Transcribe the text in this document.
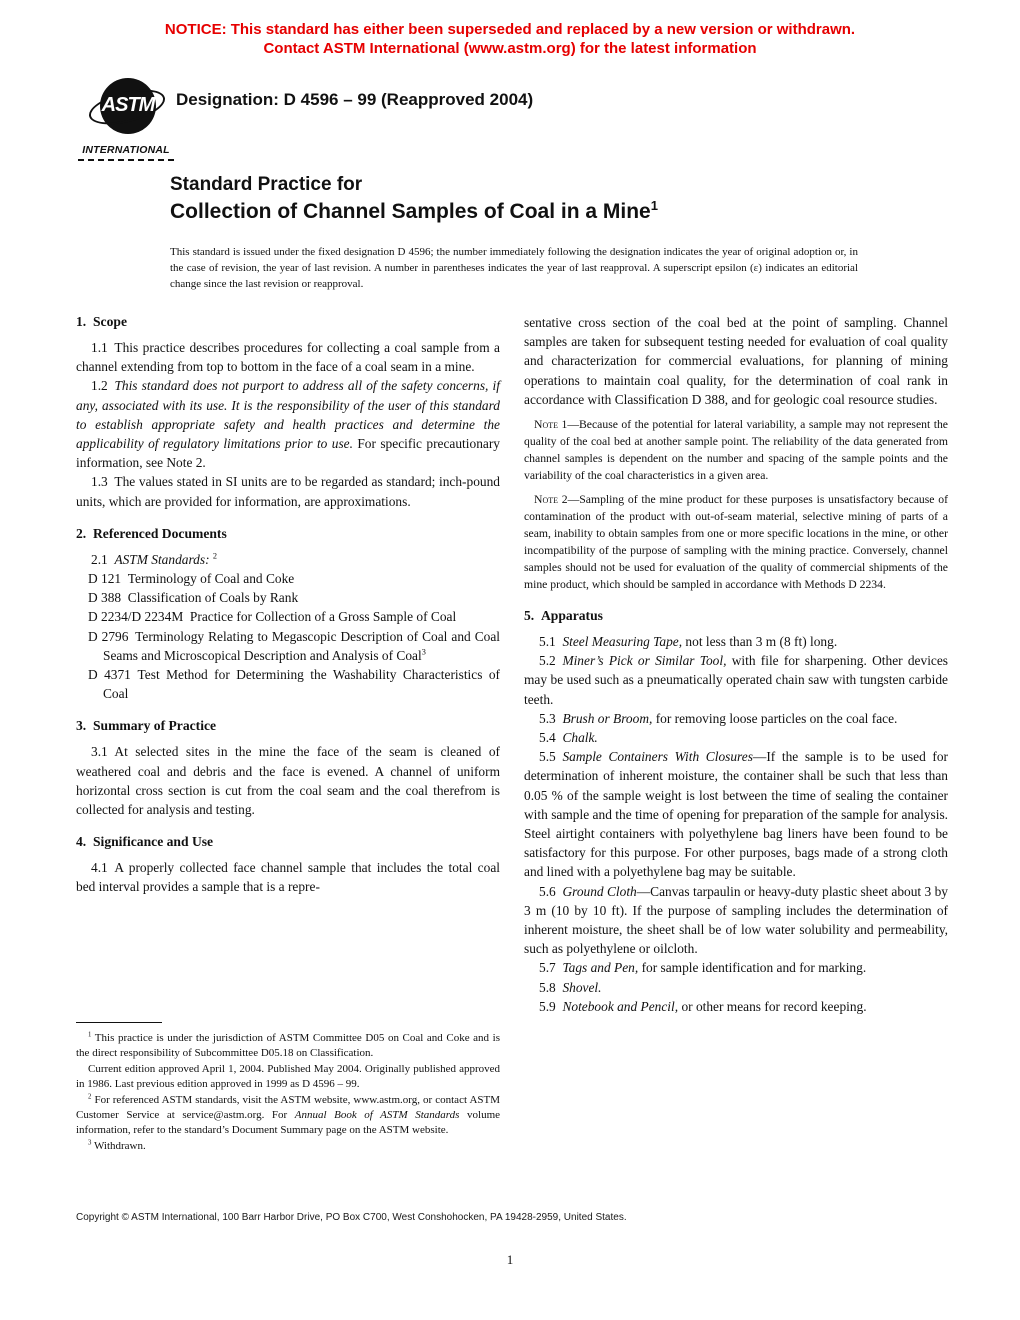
NOTICE: This standard has either been superseded and replaced by a new version or withdrawn.
Contact ASTM International (www.astm.org) for the latest information
ASTM
INTERNATIONAL
Designation: D 4596 – 99 (Reapproved 2004)
Standard Practice for
Collection of Channel Samples of Coal in a Mine$^1$
This standard is issued under the fixed designation D 4596; the number immediately following the designation indicates the year of original adoption or, in the case of revision, the year of last revision. A number in parentheses indicates the year of last reapproval. A superscript epsilon (ε) indicates an editorial change since the last revision or reapproval.
1. Scope

1.1 This practice describes procedures for collecting a coal sample from a channel extending from top to bottom in the face of a coal seam in a mine.

1.2 This standard does not purport to address all of the safety concerns, if any, associated with its use. It is the responsibility of the user of this standard to establish appropriate safety and health practices and determine the applicability of regulatory limitations prior to use. For specific precautionary information, see Note 2.

1.3 The values stated in SI units are to be regarded as standard; inch-pound units, which are provided for information, are approximations.

2. Referenced Documents

2.1 ASTM Standards: $^2$

D 121 Terminology of Coal and Coke
D 388 Classification of Coals by Rank
D 2234/D 2234M Practice for Collection of a Gross Sample of Coal
D 2796 Terminology Relating to Megascopic Description of Coal and Coal Seams and Microscopical Description and Analysis of Coal$^3$
D 4371 Test Method for Determining the Washability Characteristics of Coal
3. Summary of Practice

3.1 At selected sites in the mine the face of the seam is cleaned of weathered coal and debris and the face is evened. A channel of uniform horizontal cross section is cut from the coal seam and the coal therefrom is collected for analysis and testing.

4. Significance and Use

4.1 A properly collected face channel sample that includes the total coal bed interval provides a sample that is a repre-

sentative cross section of the coal bed at the point of sampling. Channel samples are taken for subsequent testing needed for evaluation of coal quality and characterization for commercial evaluations, for planning of mining operations to maintain coal quality, for the determination of coal rank in accordance with Classification D 388, and for geologic coal resource studies.

Note 1—Because of the potential for lateral variability, a sample may not represent the quality of the coal bed at another sample point. The reliability of the data generated from channel samples is dependent on the number and spacing of the sample points and the variability of the coal characteristics in a given area.
Note 2—Sampling of the mine product for these purposes is unsatisfactory because of contamination of the product with out-of-seam material, selective mining of parts of a seam, inability to obtain samples from one or more specific locations in the mine, or other incompatibility of the purpose of sampling with the mining practice. Conversely, channel samples should not be used for evaluation of the quality of commercial shipments of the mine product, which should be sampled in accordance with Methods D 2234.
5. Apparatus

5.1 Steel Measuring Tape, not less than 3 m (8 ft) long.

5.2 Miner’s Pick or Similar Tool, with file for sharpening. Other devices may be used such as a pneumatically operated chain saw with tungsten carbide teeth.

5.3 Brush or Broom, for removing loose particles on the coal face.

5.4 Chalk.

5.5 Sample Containers With Closures—If the sample is to be used for determination of inherent moisture, the container shall be such that less than 0.05 % of the sample weight is lost between the time of sealing the container with sample and the time of opening for preparation of the sample for analysis. Steel airtight containers with polyethylene bag liners have been found to be satisfactory for this purpose. For other purposes, bags made of a strong cloth and lined with a polyethylene bag may be suitable.

5.6 Ground Cloth—Canvas tarpaulin or heavy-duty plastic sheet about 3 by 3 m (10 by 10 ft). If the purpose of sampling includes the determination of inherent moisture, the sheet shall be of low water solubility and permeability, such as polyethylene or oilcloth.

5.7 Tags and Pen, for sample identification and for marking.

5.8 Shovel.

5.9 Notebook and Pencil, or other means for record keeping.

$^1$ This practice is under the jurisdiction of ASTM Committee D05 on Coal and Coke and is the direct responsibility of Subcommittee D05.18 on Classification.

Current edition approved April 1, 2004. Published May 2004. Originally published approved in 1986. Last previous edition approved in 1999 as D 4596 – 99.

$^2$ For referenced ASTM standards, visit the ASTM website, www.astm.org, or contact ASTM Customer Service at service@astm.org. For Annual Book of ASTM Standards volume information, refer to the standard’s Document Summary page on the ASTM website.

$^3$ Withdrawn.

Copyright © ASTM International, 100 Barr Harbor Drive, PO Box C700, West Conshohocken, PA 19428-2959, United States.
1
